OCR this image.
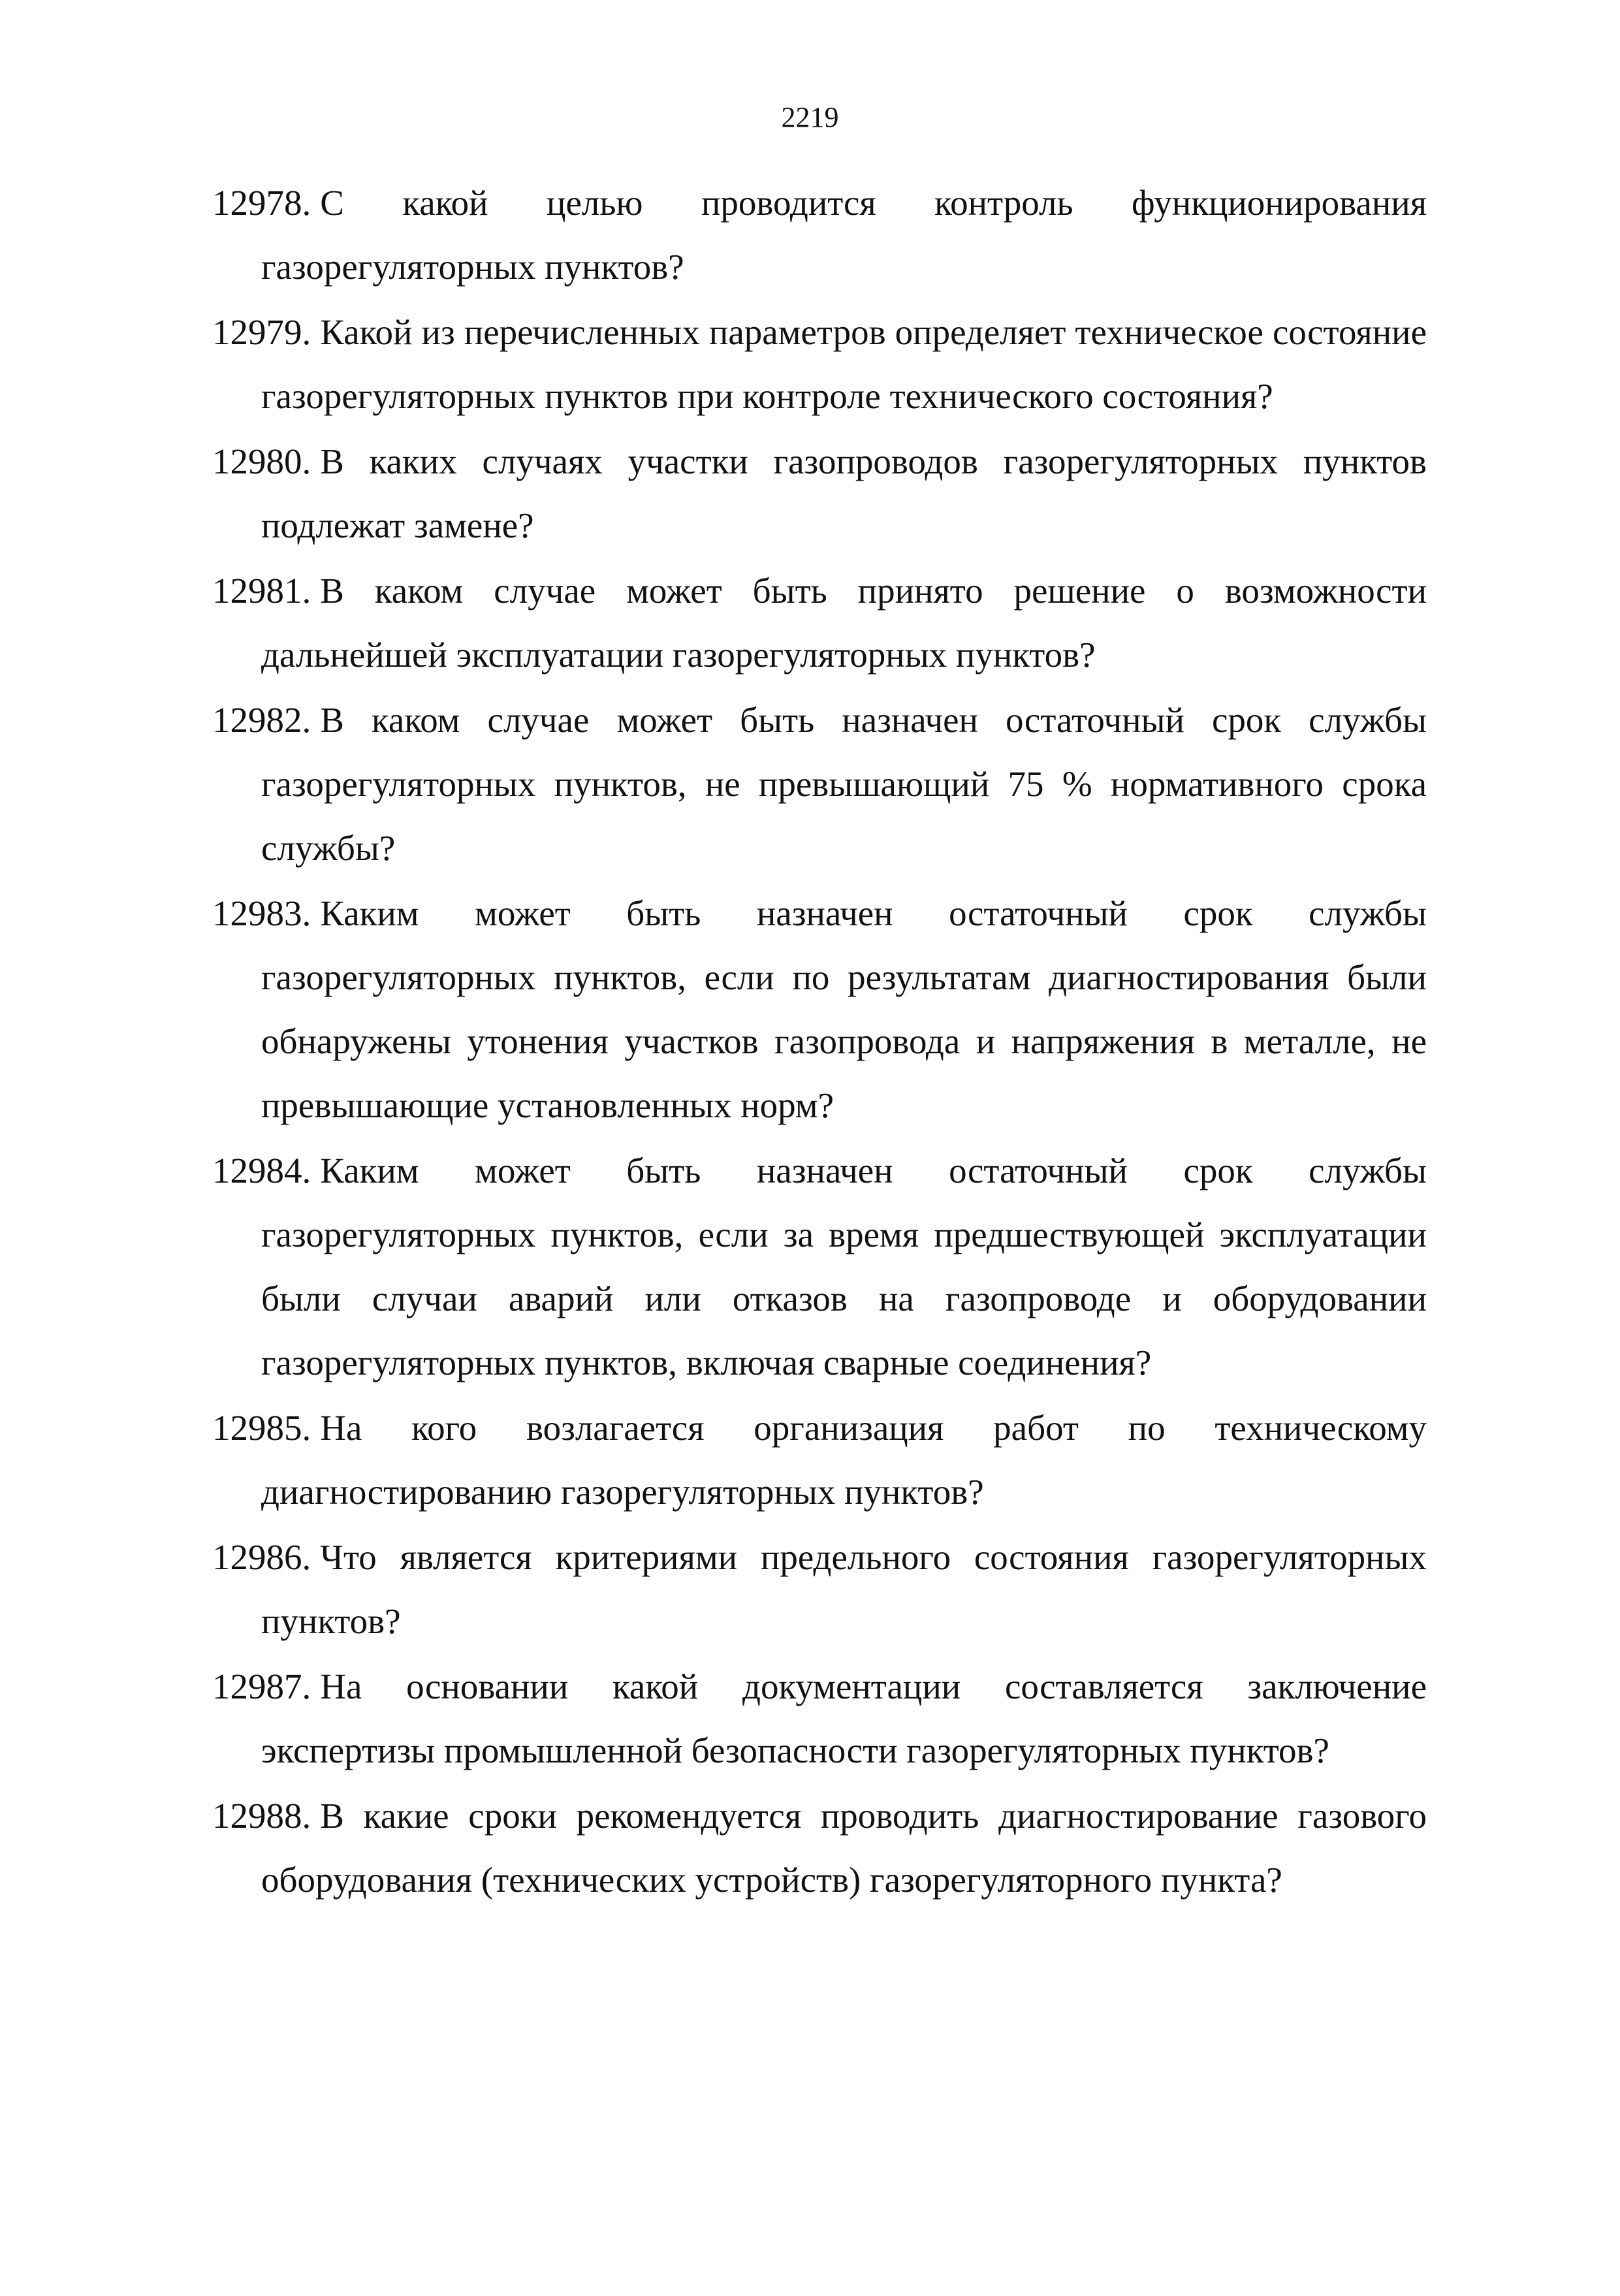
2219

12978. С какой целью проводится контроль функционирования газорегуляторных пунктов?

12979. Какой из перечисленных параметров определяет техническое состояние газорегуляторных пунктов при контроле технического состояния?

12980. В каких случаях участки газопроводов газорегуляторных пунктов подлежат замене?

12981. В каком случае может быть принято решение о возможности дальнейшей эксплуатации газорегуляторных пунктов?

12982. В каком случае может быть назначен остаточный срок службы газорегуляторных пунктов, не превышающий 75 % нормативного срока службы?

12983. Каким может быть назначен остаточный срок службы газорегуляторных пунктов, если по результатам диагностирования были обнаружены утонения участков газопровода и напряжения в металле, не превышающие установленных норм?

12984. Каким может быть назначен остаточный срок службы газорегуляторных пунктов, если за время предшествующей эксплуатации были случаи аварий или отказов на газопроводе и оборудовании газорегуляторных пунктов, включая сварные соединения?

12985. На кого возлагается организация работ по техническому диагностированию газорегуляторных пунктов?

12986. Что является критериями предельного состояния газорегуляторных пунктов?

12987. На основании какой документации составляется заключение экспертизы промышленной безопасности газорегуляторных пунктов?

12988. В какие сроки рекомендуется проводить диагностирование газового оборудования (технических устройств) газорегуляторного пункта?
